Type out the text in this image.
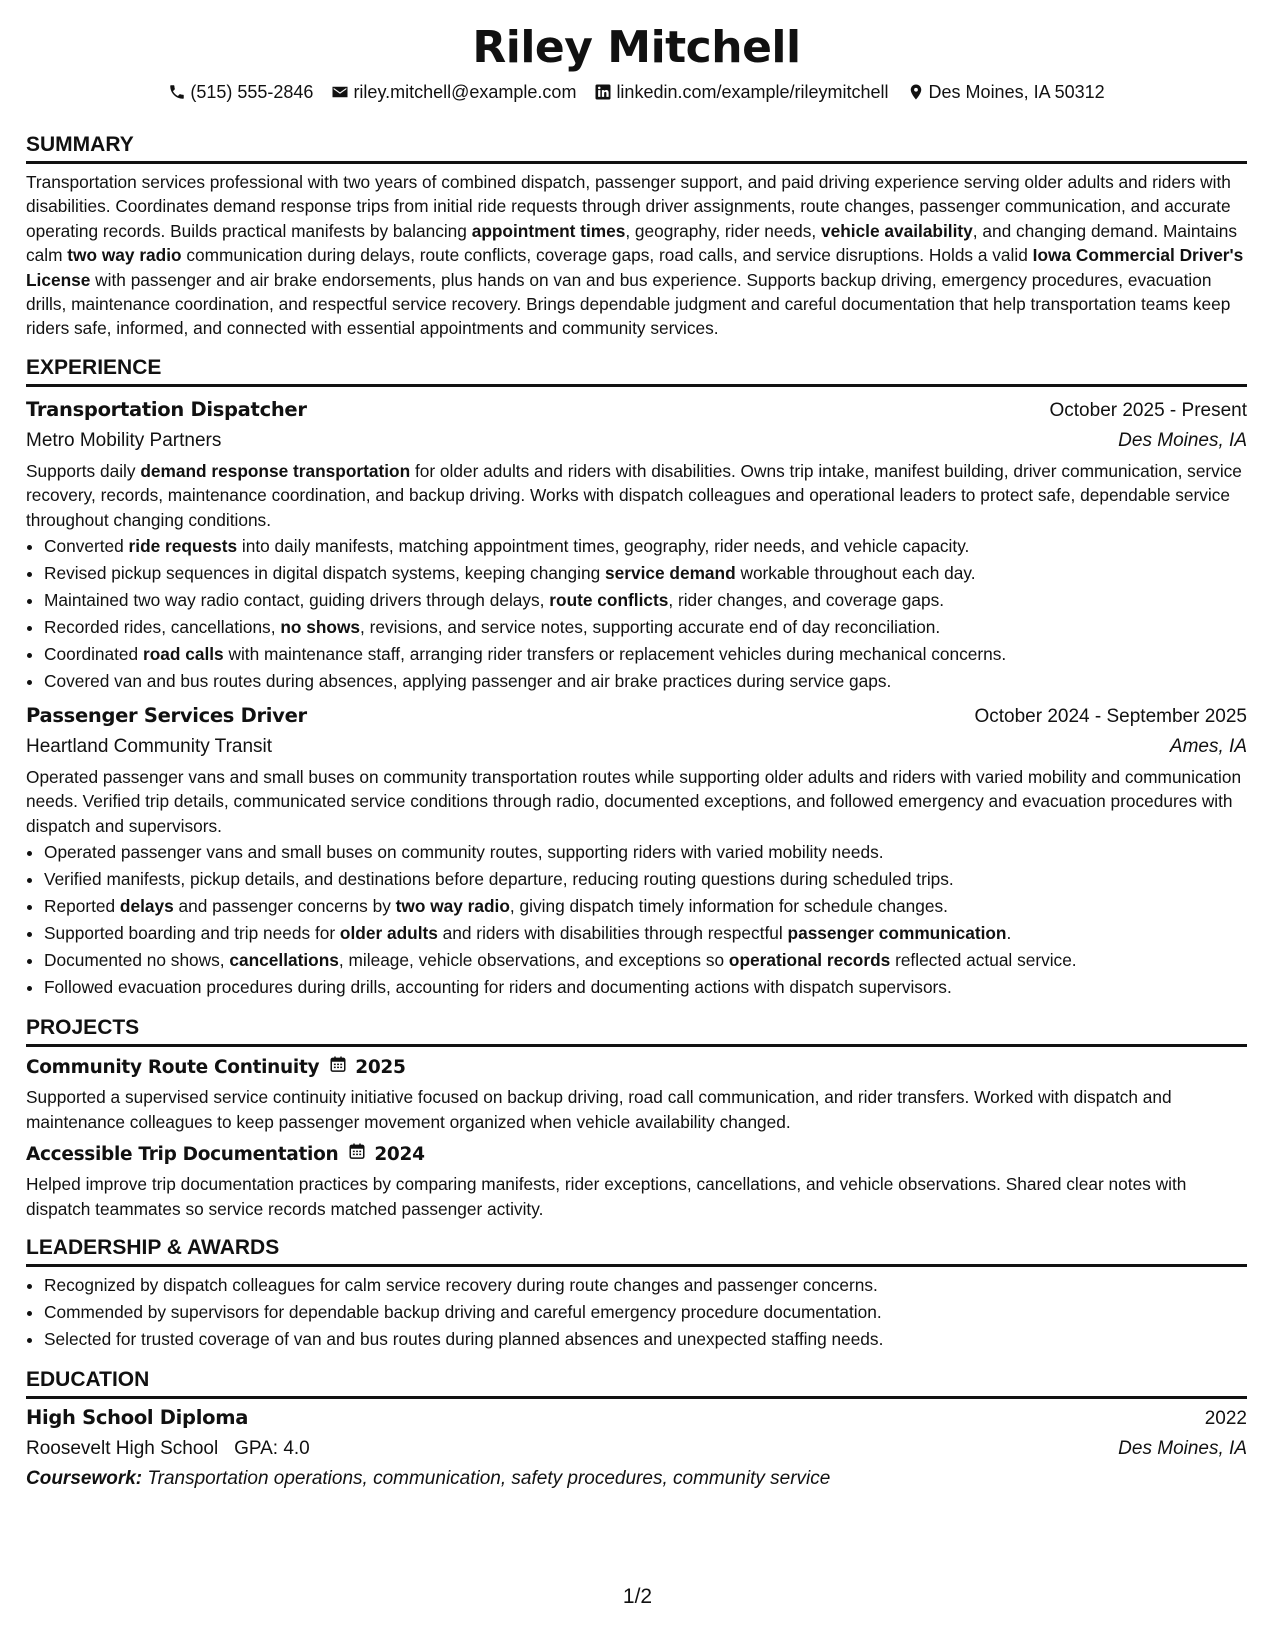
Riley Mitchell
(515) 555-2846 riley.mitchell@example.com linkedin.com/example/rileymitchell Des Moines, IA 50312
SUMMARY

Transportation services professional with two years of combined dispatch, passenger support, and paid driving experience serving older adults and riders with disabilities. Coordinates demand response trips from initial ride requests through driver assignments, route changes, passenger communication, and accurate operating records. Builds practical manifests by balancing appointment times, geography, rider needs, vehicle availability, and changing demand. Maintains calm two way radio communication during delays, route conflicts, coverage gaps, road calls, and service disruptions. Holds a valid Iowa Commercial Driver's License with passenger and air brake endorsements, plus hands on van and bus experience. Supports backup driving, emergency procedures, evacuation drills, maintenance coordination, and respectful service recovery. Brings dependable judgment and careful documentation that help transportation teams keep riders safe, informed, and connected with essential appointments and community services.

EXPERIENCE
Transportation Dispatcher	October 2025 - Present
Metro Mobility Partners	Des Moines, IA

Supports daily demand response transportation for older adults and riders with disabilities. Owns trip intake, manifest building, driver communication, service recovery, records, maintenance coordination, and backup driving. Works with dispatch colleagues and operational leaders to protect safe, dependable service throughout changing conditions.

• Converted ride requests into daily manifests, matching appointment times, geography, rider needs, and vehicle capacity.
• Revised pickup sequences in digital dispatch systems, keeping changing service demand workable throughout each day.
• Maintained two way radio contact, guiding drivers through delays, route conflicts, rider changes, and coverage gaps.
• Recorded rides, cancellations, no shows, revisions, and service notes, supporting accurate end of day reconciliation.
• Coordinated road calls with maintenance staff, arranging rider transfers or replacement vehicles during mechanical concerns.
• Covered van and bus routes during absences, applying passenger and air brake practices during service gaps.
Passenger Services Driver	October 2024 - September 2025
Heartland Community Transit	Ames, IA

Operated passenger vans and small buses on community transportation routes while supporting older adults and riders with varied mobility and communication needs. Verified trip details, communicated service conditions through radio, documented exceptions, and followed emergency and evacuation procedures with dispatch and supervisors.

• Operated passenger vans and small buses on community routes, supporting riders with varied mobility needs.
• Verified manifests, pickup details, and destinations before departure, reducing routing questions during scheduled trips.
• Reported delays and passenger concerns by two way radio, giving dispatch timely information for schedule changes.
• Supported boarding and trip needs for older adults and riders with disabilities through respectful passenger communication.
• Documented no shows, cancellations, mileage, vehicle observations, and exceptions so operational records reflected actual service.
• Followed evacuation procedures during drills, accounting for riders and documenting actions with dispatch supervisors.
PROJECTS
Community Route Continuity 2025

Supported a supervised service continuity initiative focused on backup driving, road call communication, and rider transfers. Worked with dispatch and maintenance colleagues to keep passenger movement organized when vehicle availability changed.

Accessible Trip Documentation 2024

Helped improve trip documentation practices by comparing manifests, rider exceptions, cancellations, and vehicle observations. Shared clear notes with dispatch teammates so service records matched passenger activity.

LEADERSHIP & AWARDS
• Recognized by dispatch colleagues for calm service recovery during route changes and passenger concerns.
• Commended by supervisors for dependable backup driving and careful emergency procedure documentation.
• Selected for trusted coverage of van and bus routes during planned absences and unexpected staffing needs.
EDUCATION
High School Diploma	2022
Roosevelt High School GPA: 4.0	Des Moines, IA
Coursework: Transportation operations, communication, safety procedures, community service
1/2
